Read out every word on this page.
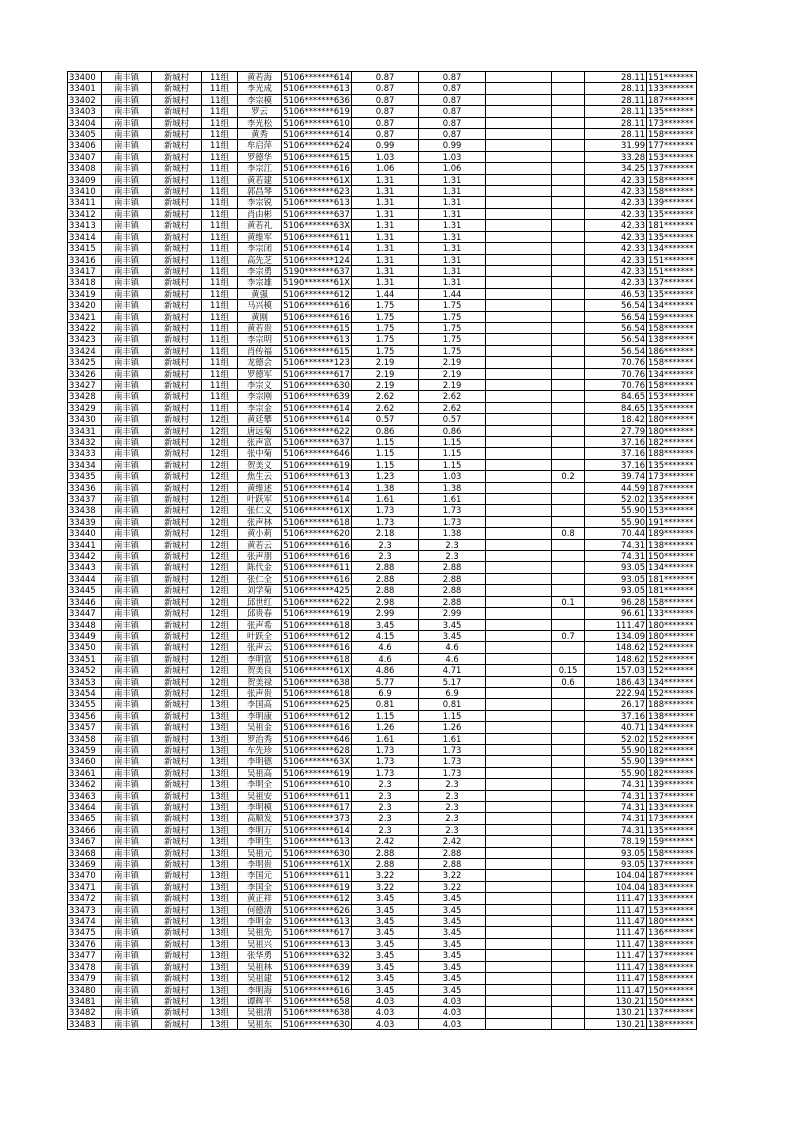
33400	南丰镇	新城村	11组	黄若海	5106*******614	0.87	0.87			28.11	151*******
33401	南丰镇	新城村	11组	李光成	5106*******613	0.87	0.87			28.11	133*******
33402	南丰镇	新城村	11组	李宗模	5106*******636	0.87	0.87			28.11	187*******
33403	南丰镇	新城村	11组	罗云	5106*******619	0.87	0.87			28.11	135*******
33404	南丰镇	新城村	11组	李光松	5106*******610	0.87	0.87			28.11	173*******
33405	南丰镇	新城村	11组	黄秀	5106*******614	0.87	0.87			28.11	158*******
33406	南丰镇	新城村	11组	牟启萍	5106*******624	0.99	0.99			31.99	177*******
33407	南丰镇	新城村	11组	罗德华	5106*******615	1.03	1.03			33.28	153*******
33408	南丰镇	新城村	11组	李宗江	5106*******616	1.06	1.06			34.25	137*******
33409	南丰镇	新城村	11组	黄若建	5106*******61X	1.31	1.31			42.33	158*******
33410	南丰镇	新城村	11组	郭昌琴	5106*******623	1.31	1.31			42.33	158*******
33411	南丰镇	新城村	11组	李宗锐	5106*******613	1.31	1.31			42.33	139*******
33412	南丰镇	新城村	11组	肖由彬	5106*******637	1.31	1.31			42.33	135*******
33413	南丰镇	新城村	11组	黄若礼	5106*******63X	1.31	1.31			42.33	181*******
33414	南丰镇	新城村	11组	黄维军	5106*******611	1.31	1.31			42.33	135*******
33415	南丰镇	新城村	11组	李宗闭	5106*******614	1.31	1.31			42.33	134*******
33416	南丰镇	新城村	11组	高先芝	5106*******124	1.31	1.31			42.33	151*******
33417	南丰镇	新城村	11组	李宗勇	5190*******637	1.31	1.31			42.33	151*******
33418	南丰镇	新城村	11组	李宗雄	5190*******61X	1.31	1.31			42.33	137*******
33419	南丰镇	新城村	11组	黄强	5106*******612	1.44	1.44			46.53	135*******
33420	南丰镇	新城村	11组	马兴模	5106*******616	1.75	1.75			56.54	134*******
33421	南丰镇	新城村	11组	黄刚	5106*******616	1.75	1.75			56.54	159*******
33422	南丰镇	新城村	11组	黄若贵	5106*******615	1.75	1.75			56.54	158*******
33423	南丰镇	新城村	11组	李宗明	5106*******613	1.75	1.75			56.54	138*******
33424	南丰镇	新城村	11组	肖传福	5106*******615	1.75	1.75			56.54	186*******
33425	南丰镇	新城村	11组	龙德会	5106*******123	2.19	2.19			70.76	158*******
33426	南丰镇	新城村	11组	罗德军	5106*******617	2.19	2.19			70.76	134*******
33427	南丰镇	新城村	11组	李宗义	5106*******630	2.19	2.19			70.76	158*******
33428	南丰镇	新城村	11组	李宗刚	5106*******639	2.62	2.62			84.65	153*******
33429	南丰镇	新城村	11组	李宗金	5106*******614	2.62	2.62			84.65	135*******
33430	南丰镇	新城村	12组	黄廷攀	5106*******614	0.57	0.57			18.42	180*******
33431	南丰镇	新城村	12组	唐远菊	5106*******622	0.86	0.86			27.79	180*******
33432	南丰镇	新城村	12组	张声富	5106*******637	1.15	1.15			37.16	182*******
33433	南丰镇	新城村	12组	张中菊	5106*******646	1.15	1.15			37.16	188*******
33434	南丰镇	新城村	12组	贺美义	5106*******619	1.15	1.15			37.16	135*******
33435	南丰镇	新城村	12组	焦生云	5106*******613	1.23	1.03		0.2	39.74	173*******
33436	南丰镇	新城村	12组	黄维述	5106*******614	1.38	1.38			44.59	187*******
33437	南丰镇	新城村	12组	叶跃军	5106*******614	1.61	1.61			52.02	135*******
33438	南丰镇	新城村	12组	张仁义	5106*******61X	1.73	1.73			55.90	153*******
33439	南丰镇	新城村	12组	张声林	5106*******618	1.73	1.73			55.90	191*******
33440	南丰镇	新城村	12组	黄小莉	5106*******620	2.18	1.38		0.8	70.44	189*******
33441	南丰镇	新城村	12组	黄若云	5106*******616	2.3	2.3			74.31	138*******
33442	南丰镇	新城村	12组	张声朋	5106*******616	2.3	2.3			74.31	150*******
33443	南丰镇	新城村	12组	陈代金	5106*******611	2.88	2.88			93.05	134*******
33444	南丰镇	新城村	12组	张仁全	5106*******616	2.88	2.88			93.05	181*******
33445	南丰镇	新城村	12组	刘学菊	5106*******425	2.88	2.88			93.05	181*******
33446	南丰镇	新城村	12组	邱世红	5106*******622	2.98	2.88		0.1	96.28	158*******
33447	南丰镇	新城村	12组	邱贵春	5106*******619	2.99	2.99			96.61	133*******
33448	南丰镇	新城村	12组	张声希	5106*******618	3.45	3.45			111.47	180*******
33449	南丰镇	新城村	12组	叶跃全	5106*******612	4.15	3.45		0.7	134.09	180*******
33450	南丰镇	新城村	12组	张声云	5106*******616	4.6	4.6			148.62	152*******
33451	南丰镇	新城村	12组	李明富	5106*******618	4.6	4.6			148.62	152*******
33452	南丰镇	新城村	12组	贺美良	5106*******61X	4.86	4.71		0.15	157.03	152*******
33453	南丰镇	新城村	12组	贺美禄	5106*******638	5.77	5.17		0.6	186.43	134*******
33454	南丰镇	新城村	12组	张声贵	5106*******618	6.9	6.9			222.94	152*******
33455	南丰镇	新城村	13组	李国高	5106*******625	0.81	0.81			26.17	188*******
33456	南丰镇	新城村	13组	李明康	5106*******612	1.15	1.15			37.16	138*******
33457	南丰镇	新城村	13组	吴祖金	5106*******616	1.26	1.26			40.71	134*******
33458	南丰镇	新城村	13组	罗治秀	5106*******646	1.61	1.61			52.02	152*******
33459	南丰镇	新城村	13组	车先珍	5106*******628	1.73	1.73			55.90	182*******
33460	南丰镇	新城村	13组	李明德	5106*******63X	1.73	1.73			55.90	139*******
33461	南丰镇	新城村	13组	吴祖高	5106*******619	1.73	1.73			55.90	182*******
33462	南丰镇	新城村	13组	李明全	5106*******610	2.3	2.3			74.31	139*******
33463	南丰镇	新城村	13组	吴祖安	5106*******611	2.3	2.3			74.31	137*******
33464	南丰镇	新城村	13组	李明模	5106*******617	2.3	2.3			74.31	133*******
33465	南丰镇	新城村	13组	高顺发	5106*******373	2.3	2.3			74.31	173*******
33466	南丰镇	新城村	13组	李明万	5106*******614	2.3	2.3			74.31	135*******
33467	南丰镇	新城村	13组	李明生	5106*******613	2.42	2.42			78.19	159*******
33468	南丰镇	新城村	13组	吴祖元	5106*******630	2.88	2.88			93.05	158*******
33469	南丰镇	新城村	13组	李明贵	5106*******61X	2.88	2.88			93.05	137*******
33470	南丰镇	新城村	13组	李国元	5106*******611	3.22	3.22			104.04	187*******
33471	南丰镇	新城村	13组	李国全	5106*******619	3.22	3.22			104.04	183*******
33472	南丰镇	新城村	13组	黄正祥	5106*******612	3.45	3.45			111.47	133*******
33473	南丰镇	新城村	13组	何德清	5106*******626	3.45	3.45			111.47	153*******
33474	南丰镇	新城村	13组	李明金	5106*******613	3.45	3.45			111.47	180*******
33475	南丰镇	新城村	13组	吴祖先	5106*******617	3.45	3.45			111.47	136*******
33476	南丰镇	新城村	13组	吴祖兴	5106*******613	3.45	3.45			111.47	138*******
33477	南丰镇	新城村	13组	张华勇	5106*******632	3.45	3.45			111.47	137*******
33478	南丰镇	新城村	13组	吴祖林	5106*******639	3.45	3.45			111.47	138*******
33479	南丰镇	新城村	13组	吴祖建	5106*******612	3.45	3.45			111.47	158*******
33480	南丰镇	新城村	13组	李明海	5106*******616	3.45	3.45			111.47	150*******
33481	南丰镇	新城村	13组	谭辉平	5106*******658	4.03	4.03			130.21	150*******
33482	南丰镇	新城村	13组	吴祖清	5106*******638	4.03	4.03			130.21	137*******
33483	南丰镇	新城村	13组	吴祖东	5106*******630	4.03	4.03			130.21	138*******
